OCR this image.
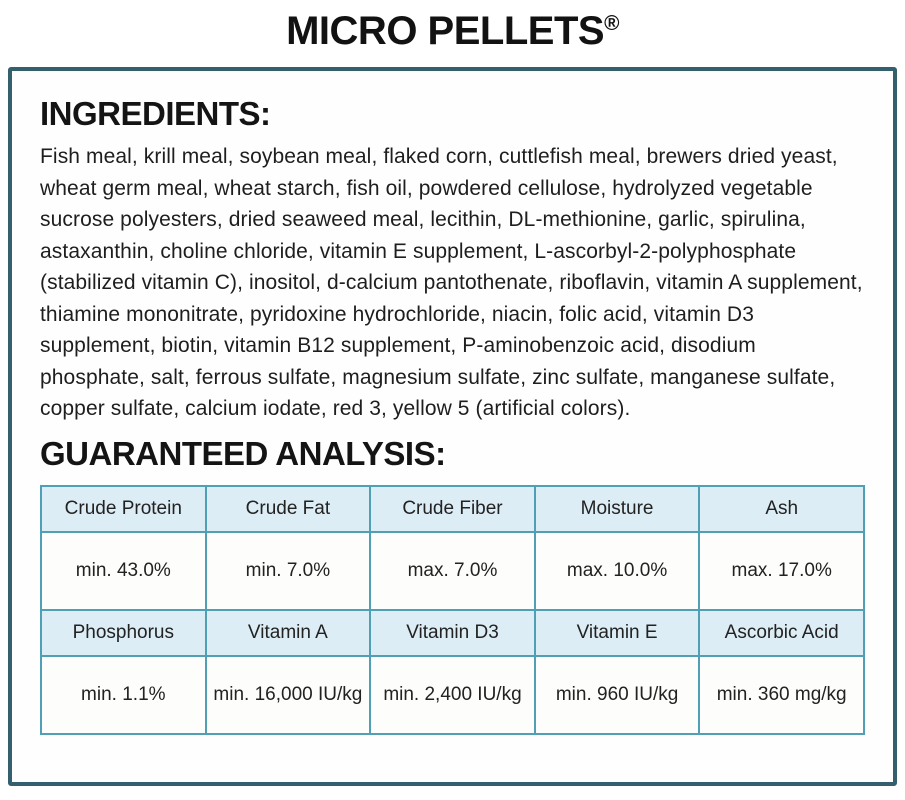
MICRO PELLETS®
INGREDIENTS:

Fish meal, krill meal, soybean meal, flaked corn, cuttlefish meal, brewers dried yeast, wheat germ meal, wheat starch, fish oil, powdered cellulose, hydrolyzed vegetable sucrose polyesters, dried seaweed meal, lecithin, DL-methionine, garlic, spirulina, astaxanthin, choline chloride, vitamin E supplement, L-ascorbyl-2-polyphosphate (stabilized vitamin C), inositol, d-calcium pantothenate, riboflavin, vitamin A supplement, thiamine mononitrate, pyridoxine hydrochloride, niacin, folic acid, vitamin D3 supplement, biotin, vitamin B12 supplement, P-aminobenzoic acid, disodium phosphate, salt, ferrous sulfate, magnesium sulfate, zinc sulfate, manganese sulfate, copper sulfate, calcium iodate, red 3, yellow 5 (artificial colors).

GUARANTEED ANALYSIS:
Crude Protein	Crude Fat	Crude Fiber	Moisture	Ash
min. 43.0%	min. 7.0%	max. 7.0%	max. 10.0%	max. 17.0%
Phosphorus	Vitamin A	Vitamin D3	Vitamin E	Ascorbic Acid
min. 1.1%	min. 16,000 IU/kg	min. 2,400 IU/kg	min. 960 IU/kg	min. 360 mg/kg
